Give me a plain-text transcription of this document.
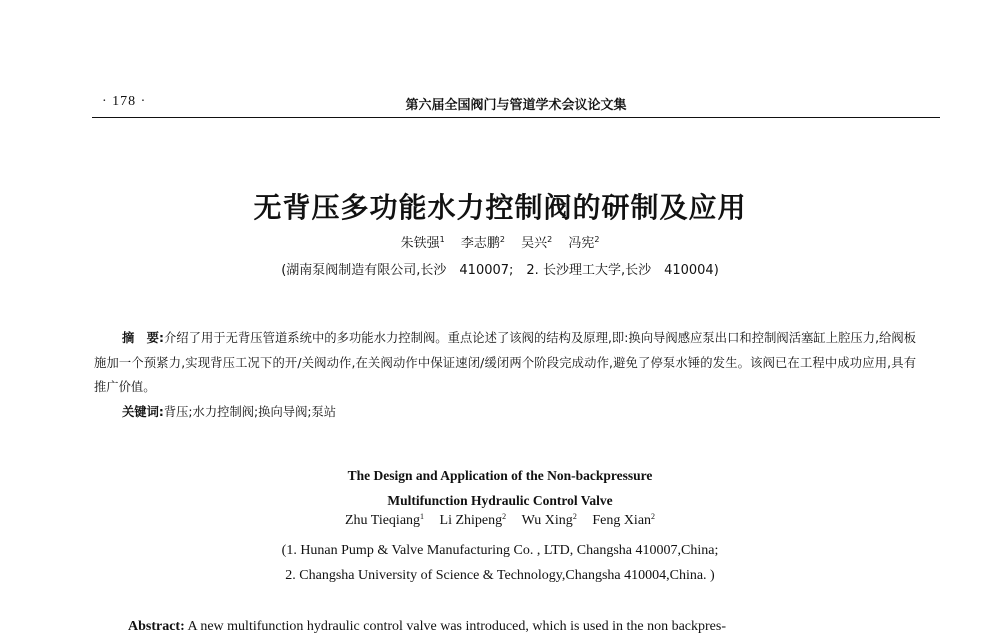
· 178 ·	第六届全国阀门与管道学术会议论文集
无背压多功能水力控制阀的研制及应用
朱铁强$^1$ 李志鹏$^2$ 吴兴$^2$ 冯宪$^2$
(湖南泵阀制造有限公司,长沙　410007;　2. 长沙理工大学,长沙　410004)

摘　要:介绍了用于无背压管道系统中的多功能水力控制阀。重点论述了该阀的结构及原理,即:换向导阀感应泵出口和控制阀活塞缸上腔压力,给阀板施加一个预紧力,实现背压工况下的开/关阀动作,在关阀动作中保证速闭/缓闭两个阶段完成动作,避免了停泵水锤的发生。该阀已在工程中成功应用,具有推广价值。

关键词:背压;水力控制阀;换向导阀;泵站

The Design and Application of the Non-backpressure
Multifunction Hydraulic Control Valve
Zhu Tieqiang$^1$ Li Zhipeng$^2$ Wu Xing$^2$ Feng Xian$^2$
(1. Hunan Pump & Valve Manufacturing Co. , LTD, Changsha 410007,China;
2. Changsha University of Science & Technology,Changsha 410004,China. )
Abstract: A new multifunction hydraulic control valve was introduced, which is used in the non backpres-
